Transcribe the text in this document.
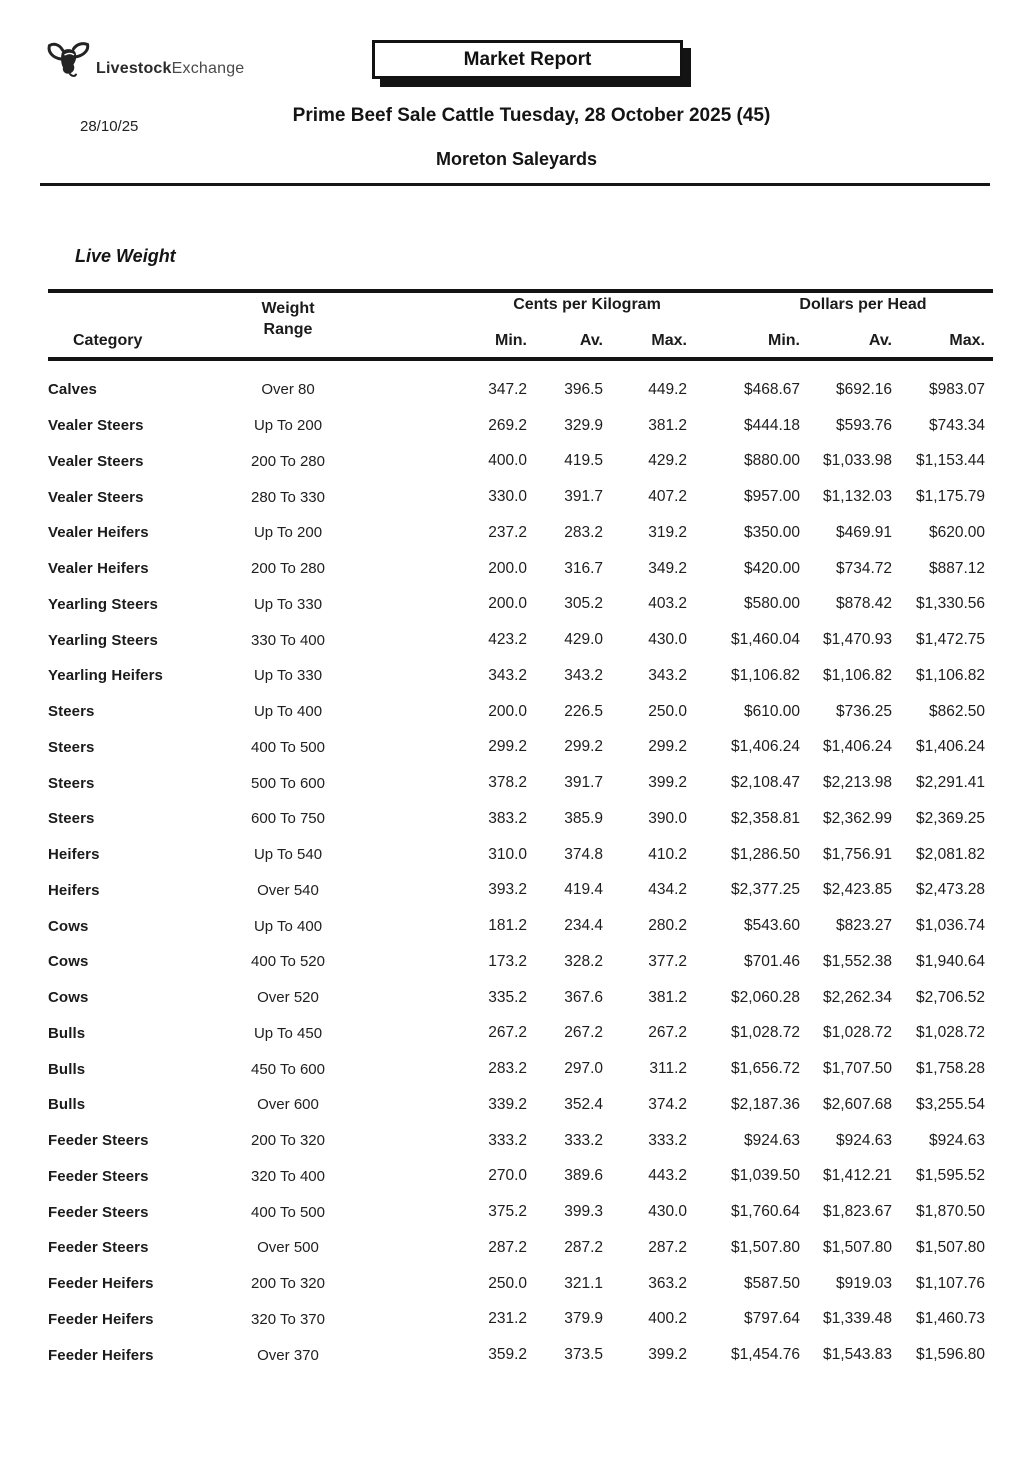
LivestockExchange	Market Report
28/10/25
Prime Beef Sale Cattle Tuesday, 28 October 2025 (45)
Moreton Saleyards
Live Weight
Category
Weight
Range
Cents per Kilogram	Dollars per Head
Min.	Av.	Max.	Min.	Av.	Max.
Calves	Over 80	347.2	396.5	449.2	$468.67	$692.16	$983.07
Vealer Steers	Up To 200	269.2	329.9	381.2	$444.18	$593.76	$743.34
Vealer Steers	200 To 280	400.0	419.5	429.2	$880.00	$1,033.98	$1,153.44
Vealer Steers	280 To 330	330.0	391.7	407.2	$957.00	$1,132.03	$1,175.79
Vealer Heifers	Up To 200	237.2	283.2	319.2	$350.00	$469.91	$620.00
Vealer Heifers	200 To 280	200.0	316.7	349.2	$420.00	$734.72	$887.12
Yearling Steers	Up To 330	200.0	305.2	403.2	$580.00	$878.42	$1,330.56
Yearling Steers	330 To 400	423.2	429.0	430.0	$1,460.04	$1,470.93	$1,472.75
Yearling Heifers	Up To 330	343.2	343.2	343.2	$1,106.82	$1,106.82	$1,106.82
Steers	Up To 400	200.0	226.5	250.0	$610.00	$736.25	$862.50
Steers	400 To 500	299.2	299.2	299.2	$1,406.24	$1,406.24	$1,406.24
Steers	500 To 600	378.2	391.7	399.2	$2,108.47	$2,213.98	$2,291.41
Steers	600 To 750	383.2	385.9	390.0	$2,358.81	$2,362.99	$2,369.25
Heifers	Up To 540	310.0	374.8	410.2	$1,286.50	$1,756.91	$2,081.82
Heifers	Over 540	393.2	419.4	434.2	$2,377.25	$2,423.85	$2,473.28
Cows	Up To 400	181.2	234.4	280.2	$543.60	$823.27	$1,036.74
Cows	400 To 520	173.2	328.2	377.2	$701.46	$1,552.38	$1,940.64
Cows	Over 520	335.2	367.6	381.2	$2,060.28	$2,262.34	$2,706.52
Bulls	Up To 450	267.2	267.2	267.2	$1,028.72	$1,028.72	$1,028.72
Bulls	450 To 600	283.2	297.0	311.2	$1,656.72	$1,707.50	$1,758.28
Bulls	Over 600	339.2	352.4	374.2	$2,187.36	$2,607.68	$3,255.54
Feeder Steers	200 To 320	333.2	333.2	333.2	$924.63	$924.63	$924.63
Feeder Steers	320 To 400	270.0	389.6	443.2	$1,039.50	$1,412.21	$1,595.52
Feeder Steers	400 To 500	375.2	399.3	430.0	$1,760.64	$1,823.67	$1,870.50
Feeder Steers	Over 500	287.2	287.2	287.2	$1,507.80	$1,507.80	$1,507.80
Feeder Heifers	200 To 320	250.0	321.1	363.2	$587.50	$919.03	$1,107.76
Feeder Heifers	320 To 370	231.2	379.9	400.2	$797.64	$1,339.48	$1,460.73
Feeder Heifers	Over 370	359.2	373.5	399.2	$1,454.76	$1,543.83	$1,596.80
